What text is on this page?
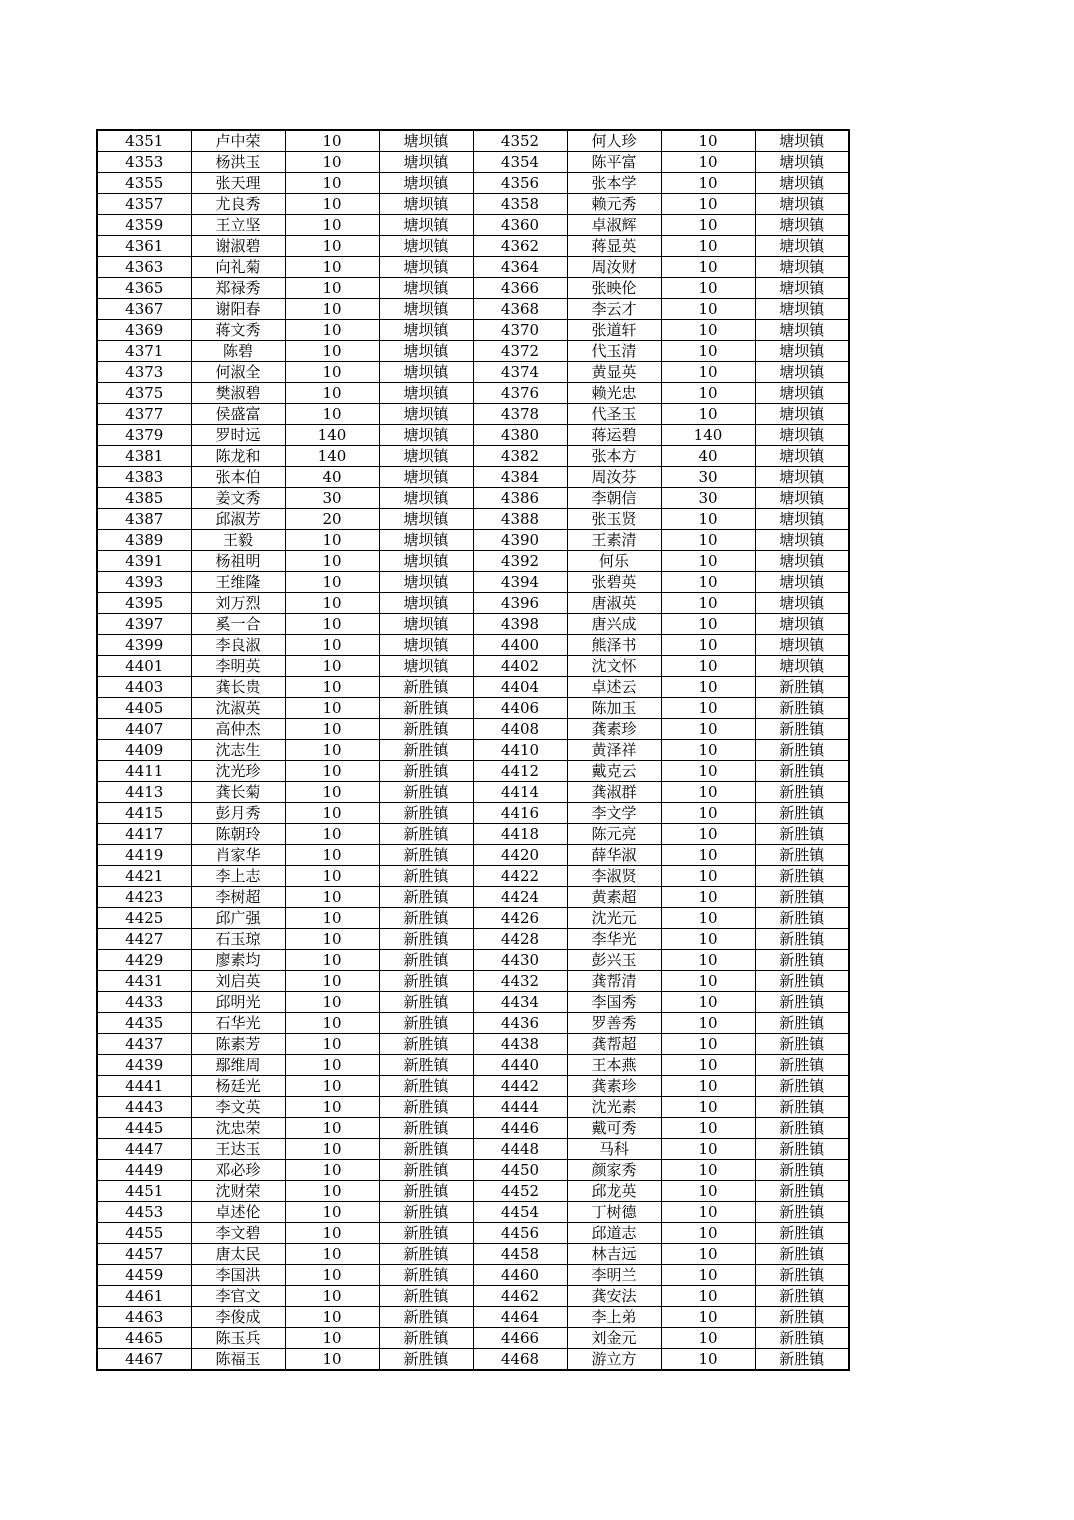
4351	卢中荣	10	塘坝镇	4352	何人珍	10	塘坝镇
4353	杨洪玉	10	塘坝镇	4354	陈平富	10	塘坝镇
4355	张天理	10	塘坝镇	4356	张本学	10	塘坝镇
4357	尤良秀	10	塘坝镇	4358	赖元秀	10	塘坝镇
4359	王立坚	10	塘坝镇	4360	卓淑辉	10	塘坝镇
4361	谢淑碧	10	塘坝镇	4362	蒋显英	10	塘坝镇
4363	向礼菊	10	塘坝镇	4364	周汝财	10	塘坝镇
4365	郑禄秀	10	塘坝镇	4366	张映伦	10	塘坝镇
4367	谢阳春	10	塘坝镇	4368	李云才	10	塘坝镇
4369	蒋文秀	10	塘坝镇	4370	张道轩	10	塘坝镇
4371	陈碧	10	塘坝镇	4372	代玉清	10	塘坝镇
4373	何淑全	10	塘坝镇	4374	黄显英	10	塘坝镇
4375	樊淑碧	10	塘坝镇	4376	赖光忠	10	塘坝镇
4377	侯盛富	10	塘坝镇	4378	代圣玉	10	塘坝镇
4379	罗时远	140	塘坝镇	4380	蒋运碧	140	塘坝镇
4381	陈龙和	140	塘坝镇	4382	张本方	40	塘坝镇
4383	张本伯	40	塘坝镇	4384	周汝芬	30	塘坝镇
4385	姜文秀	30	塘坝镇	4386	李朝信	30	塘坝镇
4387	邱淑芳	20	塘坝镇	4388	张玉贤	10	塘坝镇
4389	王毅	10	塘坝镇	4390	王素清	10	塘坝镇
4391	杨祖明	10	塘坝镇	4392	何乐	10	塘坝镇
4393	王维隆	10	塘坝镇	4394	张碧英	10	塘坝镇
4395	刘万烈	10	塘坝镇	4396	唐淑英	10	塘坝镇
4397	奚一合	10	塘坝镇	4398	唐兴成	10	塘坝镇
4399	李良淑	10	塘坝镇	4400	熊泽书	10	塘坝镇
4401	李明英	10	塘坝镇	4402	沈文怀	10	塘坝镇
4403	龚长贵	10	新胜镇	4404	卓述云	10	新胜镇
4405	沈淑英	10	新胜镇	4406	陈加玉	10	新胜镇
4407	高仲杰	10	新胜镇	4408	龚素珍	10	新胜镇
4409	沈志生	10	新胜镇	4410	黄泽祥	10	新胜镇
4411	沈光珍	10	新胜镇	4412	戴克云	10	新胜镇
4413	龚长菊	10	新胜镇	4414	龚淑群	10	新胜镇
4415	彭月秀	10	新胜镇	4416	李文学	10	新胜镇
4417	陈朝玲	10	新胜镇	4418	陈元亮	10	新胜镇
4419	肖家华	10	新胜镇	4420	薛华淑	10	新胜镇
4421	李上志	10	新胜镇	4422	李淑贤	10	新胜镇
4423	李树超	10	新胜镇	4424	黄素超	10	新胜镇
4425	邱广强	10	新胜镇	4426	沈光元	10	新胜镇
4427	石玉琼	10	新胜镇	4428	李华光	10	新胜镇
4429	廖素均	10	新胜镇	4430	彭兴玉	10	新胜镇
4431	刘启英	10	新胜镇	4432	龚帮清	10	新胜镇
4433	邱明光	10	新胜镇	4434	李国秀	10	新胜镇
4435	石华光	10	新胜镇	4436	罗善秀	10	新胜镇
4437	陈素芳	10	新胜镇	4438	龚帮超	10	新胜镇
4439	鄢维周	10	新胜镇	4440	王本燕	10	新胜镇
4441	杨廷光	10	新胜镇	4442	龚素珍	10	新胜镇
4443	李文英	10	新胜镇	4444	沈光素	10	新胜镇
4445	沈忠荣	10	新胜镇	4446	戴可秀	10	新胜镇
4447	王达玉	10	新胜镇	4448	马科	10	新胜镇
4449	邓必珍	10	新胜镇	4450	颜家秀	10	新胜镇
4451	沈财荣	10	新胜镇	4452	邱龙英	10	新胜镇
4453	卓述伦	10	新胜镇	4454	丁树德	10	新胜镇
4455	李文碧	10	新胜镇	4456	邱道志	10	新胜镇
4457	唐太民	10	新胜镇	4458	林吉远	10	新胜镇
4459	李国洪	10	新胜镇	4460	李明兰	10	新胜镇
4461	李官文	10	新胜镇	4462	龚安法	10	新胜镇
4463	李俊成	10	新胜镇	4464	李上弟	10	新胜镇
4465	陈玉兵	10	新胜镇	4466	刘金元	10	新胜镇
4467	陈福玉	10	新胜镇	4468	游立方	10	新胜镇
